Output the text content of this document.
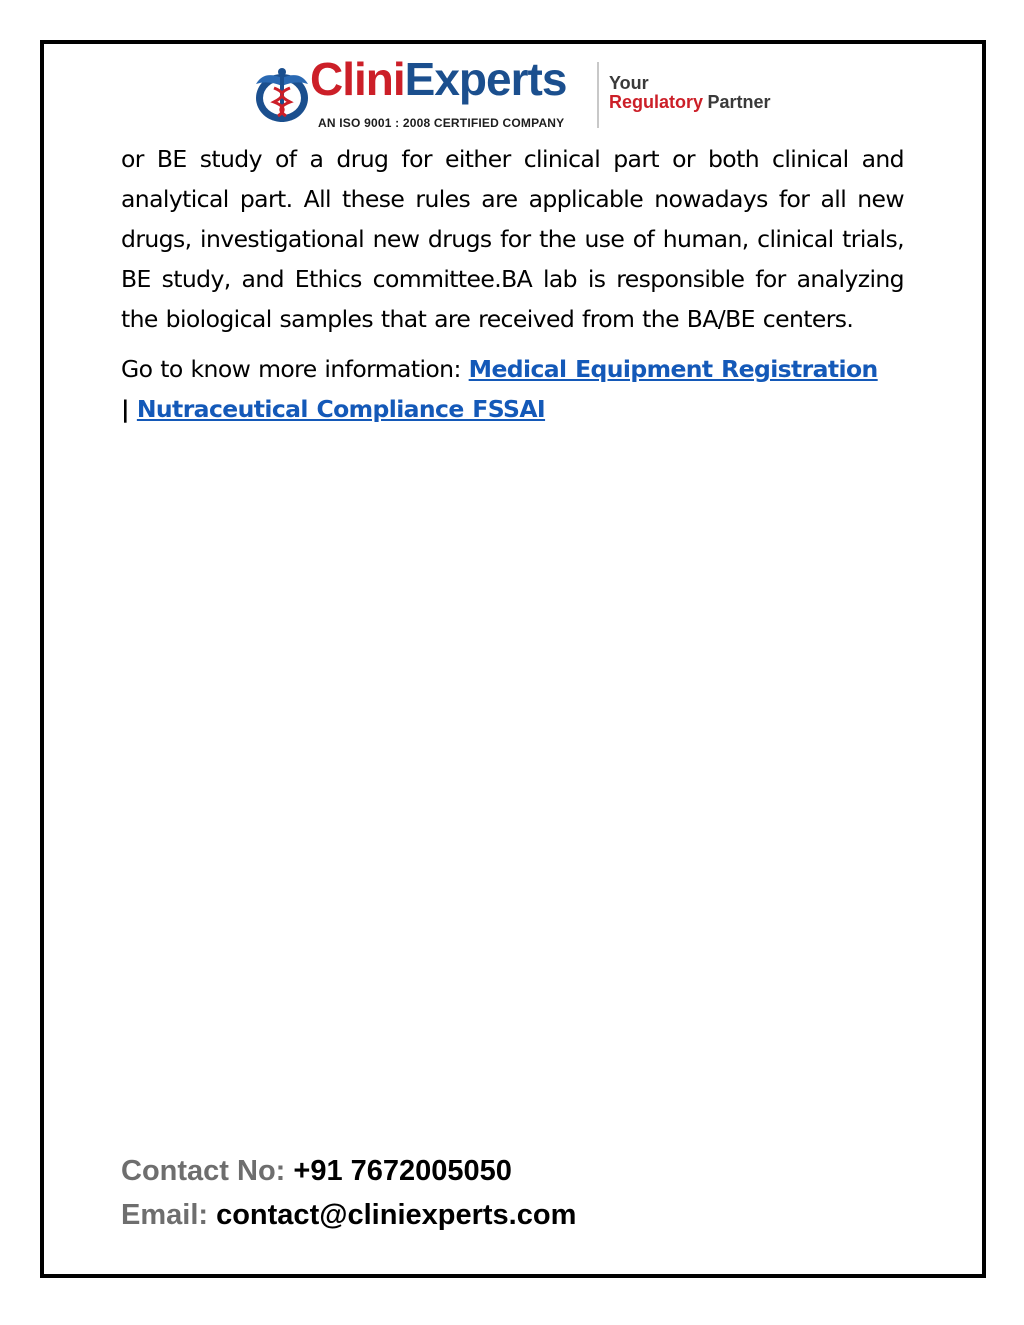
CliniExperts
AN ISO 9001 : 2008 CERTIFIED COMPANY
Your
Regulatory Partner

or BE study of a drug for either clinical part or both clinical and analytical part. All these rules are applicable nowadays for all new drugs, investigational new drugs for the use of human, clinical trials, BE study, and Ethics committee.BA lab is responsible for analyzing the biological samples that are received from the BA/BE centers.

Go to know more information: Medical Equipment Registration
| Nutraceutical Compliance FSSAI

Contact No: +91 7672005050
Email: contact@cliniexperts.com
